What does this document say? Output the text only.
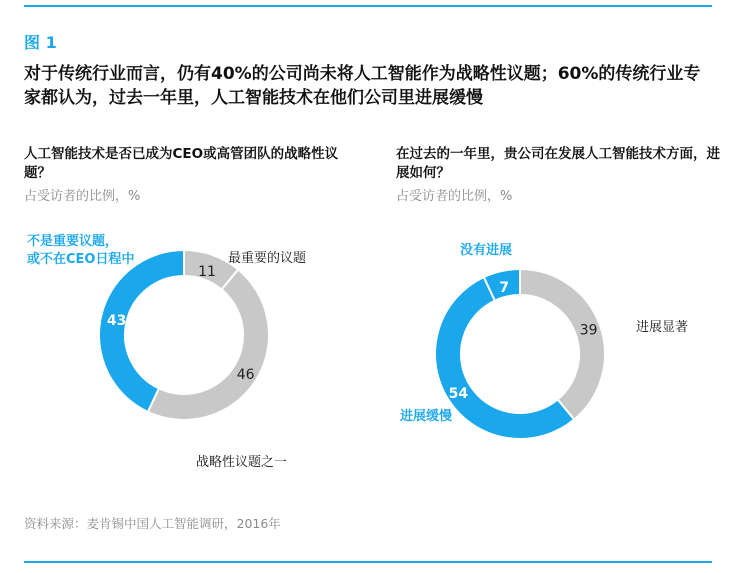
图 1
对于传统行业而言，仍有40%的公司尚未将人工智能作为战略性议题；60%的传统行业专家都认为，过去一年里，人工智能技术在他们公司里进展缓慢
人工智能技术是否已成为CEO或高管团队的战略性议题？
占受访者的比例，%
在过去的一年里，贵公司在发展人工智能技术方面，进展如何？
占受访者的比例，%
11
最重要的议题
46
战略性议题之一
43
不是重要议题，或不在CEO日程中
39	进展显著
54
进展缓慢
7
没有进展
资料来源：麦肯锡中国人工智能调研，2016年
